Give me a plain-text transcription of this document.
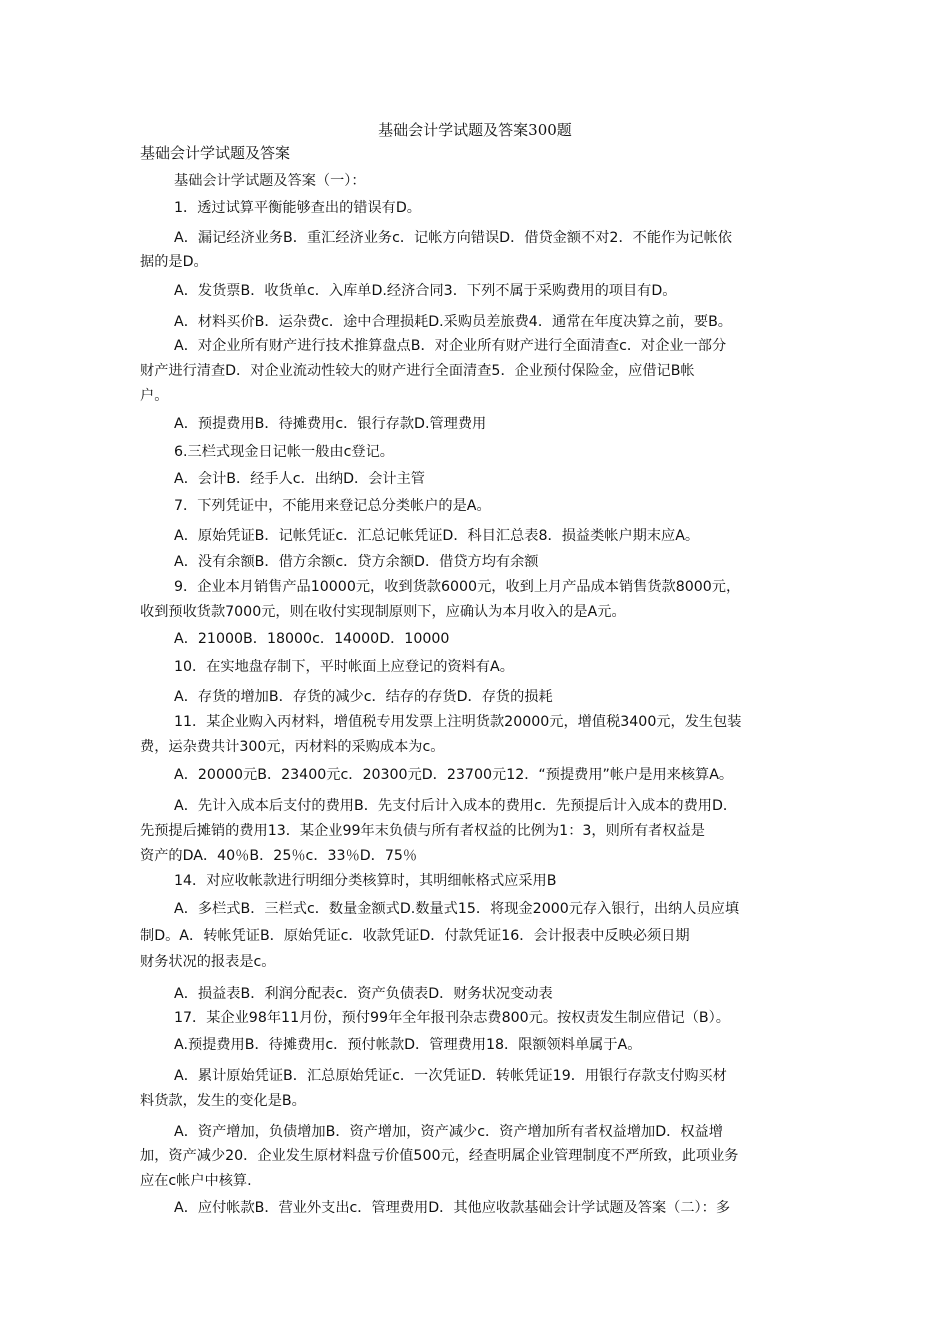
基础会计学试题及答案300题
基础会计学试题及答案
基础会计学试题及答案（一）：
1．透过试算平衡能够查出的错误有D。
A．漏记经济业务B．重汇经济业务c．记帐方向错误D．借贷金额不对2．不能作为记帐依
据的是D。
A．发货票B．收货单c．入库单D.经济合同3．下列不属于采购费用的项目有D。
A．材料买价B．运杂费c．途中合理损耗D.采购员差旅费4．通常在年度决算之前，要B。
A．对企业所有财产进行技术推算盘点B．对企业所有财产进行全面清查c．对企业一部分
财产进行清查D．对企业流动性较大的财产进行全面清查5．企业预付保险金，应借记B帐
户。
A．预提费用B．待摊费用c．银行存款D.管理费用
6.三栏式现金日记帐一般由c登记。
A．会计B．经手人c．出纳D．会计主管
7．下列凭证中，不能用来登记总分类帐户的是A。
A．原始凭证B．记帐凭证c．汇总记帐凭证D．科目汇总表8．损益类帐户期末应A。
A．没有余额B．借方余额c．贷方余额D．借贷方均有余额
9．企业本月销售产品10000元，收到货款6000元，收到上月产品成本销售货款8000元，
收到预收货款7000元，则在收付实现制原则下，应确认为本月收入的是A元。
A．21000B．18000c．14000D．10000
10．在实地盘存制下，平时帐面上应登记的资料有A。
A．存货的增加B．存货的减少c．结存的存货D．存货的损耗
11．某企业购入丙材料，增值税专用发票上注明货款20000元，增值税3400元，发生包装
费，运杂费共计300元，丙材料的采购成本为c。
A．20000元B．23400元c．20300元D．23700元12．“预提费用”帐户是用来核算A。
A．先计入成本后支付的费用B．先支付后计入成本的费用c．先预提后计入成本的费用D．
先预提后摊销的费用13．某企业99年末负债与所有者权益的比例为1：3，则所有者权益是
资产的DA．40％B．25％c．33％D．75％
14．对应收帐款进行明细分类核算时，其明细帐格式应采用B
A．多栏式B．三栏式c．数量金额式D.数量式15．将现金2000元存入银行，出纳人员应填
制D。A．转帐凭证B．原始凭证c．收款凭证D．付款凭证16．会计报表中反映必须日期
财务状况的报表是c。
A．损益表B．利润分配表c．资产负债表D．财务状况变动表
17．某企业98年11月份，预付99年全年报刊杂志费800元。按权责发生制应借记（B）。
A.预提费用B．待摊费用c．预付帐款D．管理费用18．限额领料单属于A。
A．累计原始凭证B．汇总原始凭证c．一次凭证D．转帐凭证19．用银行存款支付购买材
料货款，发生的变化是B。
A．资产增加，负债增加B．资产增加，资产减少c．资产增加所有者权益增加D．权益增
加，资产减少20．企业发生原材料盘亏价值500元，经查明属企业管理制度不严所致，此项业务
应在c帐户中核算.
A．应付帐款B．营业外支出c．管理费用D．其他应收款基础会计学试题及答案（二）：多
